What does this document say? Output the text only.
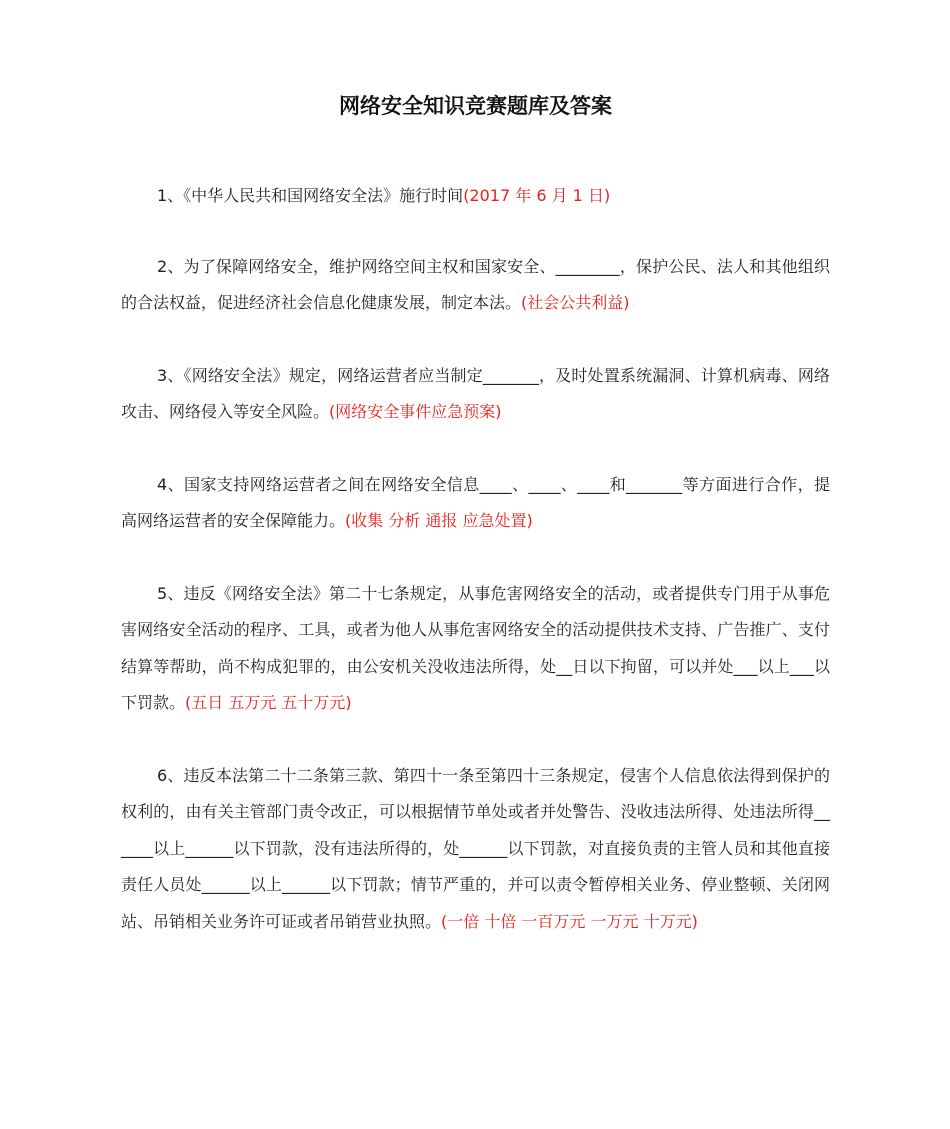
网络安全知识竞赛题库及答案

1、《中华人民共和国网络安全法》施行时间(2017 年 6 月 1 日)

2、为了保障网络安全，维护网络空间主权和国家安全、________，保护公民、法人和其他组织的合法权益，促进经济社会信息化健康发展，制定本法。(社会公共利益)

3、《网络安全法》规定，网络运营者应当制定_______，及时处置系统漏洞、计算机病毒、网络攻击、网络侵入等安全风险。(网络安全事件应急预案)

4、国家支持网络运营者之间在网络安全信息____、____、____和_______等方面进行合作，提高网络运营者的安全保障能力。(收集 分析 通报 应急处置)

5、违反《网络安全法》第二十七条规定，从事危害网络安全的活动，或者提供专门用于从事危害网络安全活动的程序、工具，或者为他人从事危害网络安全的活动提供技术支持、广告推广、支付结算等帮助，尚不构成犯罪的，由公安机关没收违法所得，处__日以下拘留，可以并处___以上___以下罚款。(五日 五万元 五十万元)

6、违反本法第二十二条第三款、第四十一条至第四十三条规定，侵害个人信息依法得到保护的权利的，由有关主管部门责令改正，可以根据情节单处或者并处警告、没收违法所得、处违法所得______以上______以下罚款，没有违法所得的，处______以下罚款，对直接负责的主管人员和其他直接责任人员处______以上______以下罚款；情节严重的，并可以责令暂停相关业务、停业整顿、关闭网站、吊销相关业务许可证或者吊销营业执照。(一倍 十倍 一百万元 一万元 十万元)
